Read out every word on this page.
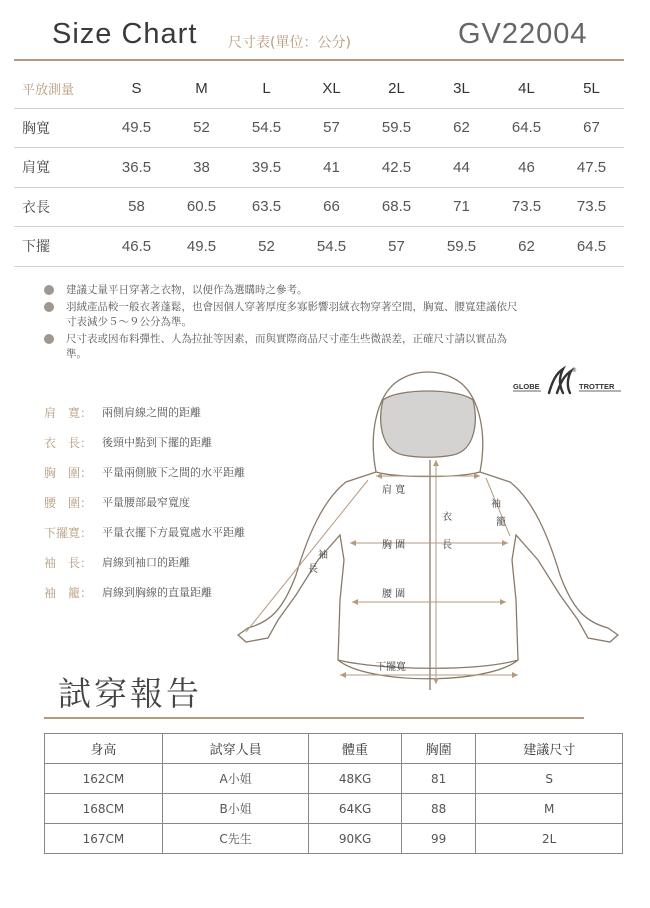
Size Chart 尺寸表(單位：公分)	GV22004
平放測量	S	M	L	XL	2L	3L	4L	5L
胸寬	49.5	52	54.5	57	59.5	62	64.5	67
肩寬	36.5	38	39.5	41	42.5	44	46	47.5
衣長	58	60.5	63.5	66	68.5	71	73.5	73.5
下擺	46.5	49.5	52	54.5	57	59.5	62	64.5
建議丈量平日穿著之衣物，以便作為選購時之參考。
羽絨產品較一般衣著蓬鬆，也會因個人穿著厚度多寡影響羽絨衣物穿著空間，胸寬、腰寬建議依尺寸表減少５～９公分為準。
尺寸表或因布料彈性、人為拉扯等因素，而與實際商品尺寸產生些微誤差，正確尺寸請以實品為準。
GLOBE
®
TROTTER
肩　寬： 兩側肩線之間的距離
衣　長： 後頸中點到下擺的距離
胸　圍： 平量兩側腋下之間的水平距離
腰　圍： 平量腰部最窄寬度
下擺寬： 平量衣擺下方最寬處水平距離
袖　長： 肩線到袖口的距離
袖　籠： 肩線到胸線的直量距離
肩 寬
衣
長
胸 圍
腰 圍
下擺寬
袖
長
袖
籠
試穿報告
身高	試穿人員	體重	胸圍	建議尺寸
162CM	A小姐	48KG	81	S
168CM	B小姐	64KG	88	M
167CM	C先生	90KG	99	2L
